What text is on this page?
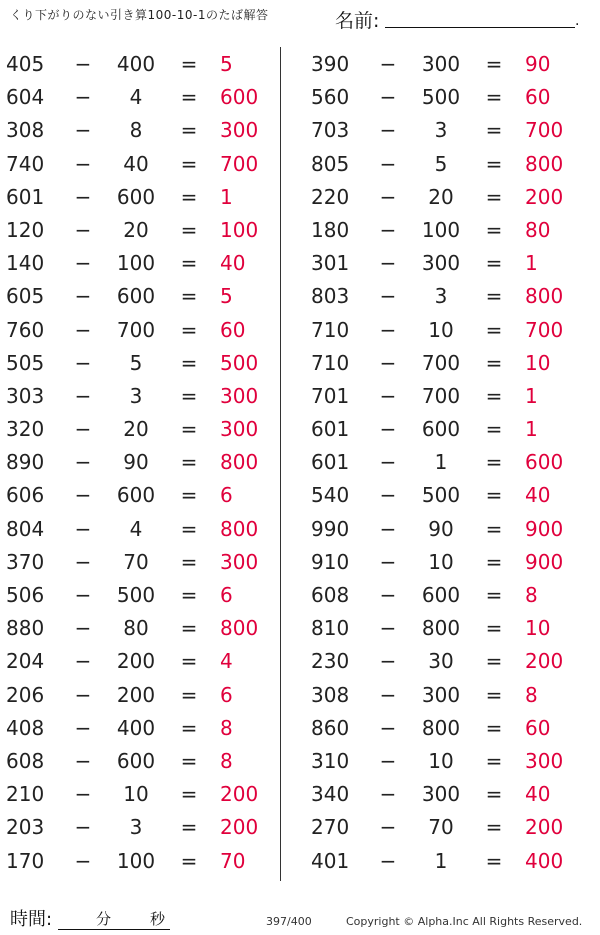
くり下がりのない引き算100-10-1のたば解答	名前:	.
405	−	400	= 5
604	−	4	= 600
308	−	8	= 300
740	−	40	= 700
601	−	600	= 1
120	−	20	= 100
140	−	100	= 40
605	−	600	= 5
760	−	700	= 60
505	−	5	= 500
303	−	3	= 300
320	−	20	= 300
890	−	90	= 800
606	−	600	= 6
804	−	4	= 800
370	−	70	= 300
506	−	500	= 6
880	−	80	= 800
204	−	200	= 4
206	−	200	= 6
408	−	400	= 8
608	−	600	= 8
210	−	10	= 200
203	−	3	= 200
170	−	100	= 70
390	−	300	= 90
560	−	500	= 60
703	−	3	= 700
805	−	5	= 800
220	−	20	= 200
180	−	100	= 80
301	−	300	= 1
803	−	3	= 800
710	−	10	= 700
710	−	700	= 10
701	−	700	= 1
601	−	600	= 1
601	−	1	= 600
540	−	500	= 40
990	−	90	= 900
910	−	10	= 900
608	−	600	= 8
810	−	800	= 10
230	−	30	= 200
308	−	300	= 8
860	−	800	= 60
310	−	10	= 300
340	−	300	= 40
270	−	70	= 200
401	−	1	= 400
時間:	分	秒	397/400	Copyright © Alpha.Inc All Rights Reserved.
